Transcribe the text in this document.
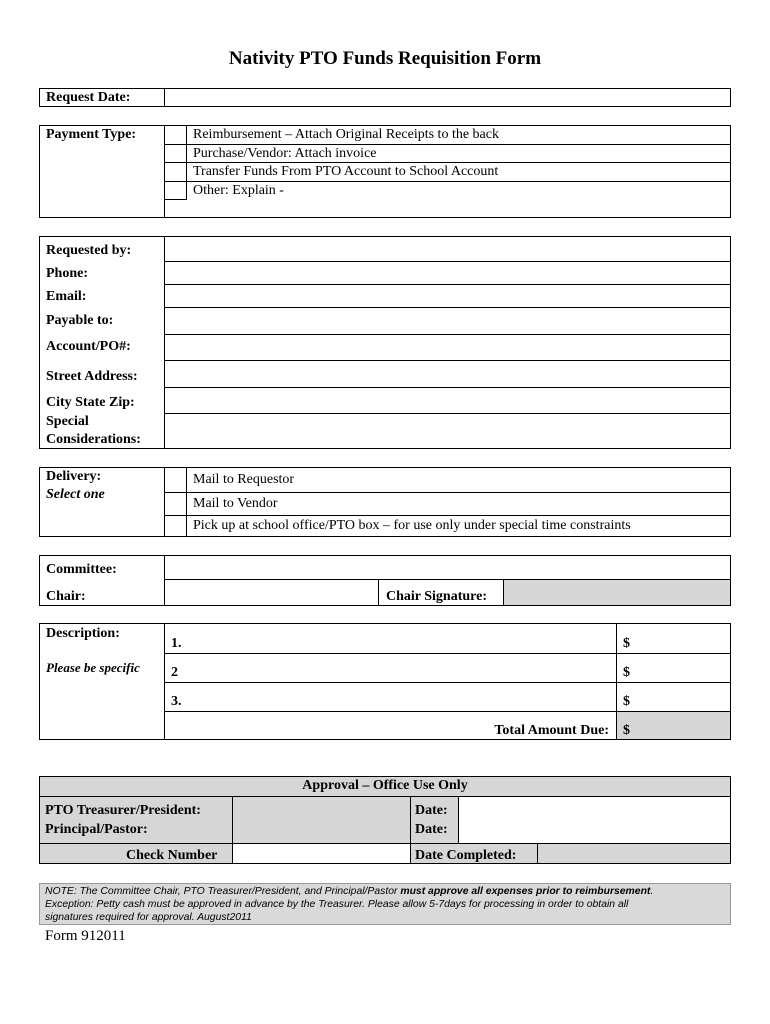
Nativity PTO Funds Requisition Form
Request Date:
Payment Type:	Reimbursement – Attach Original Receipts to the back
Purchase/Vendor: Attach invoice
Transfer Funds From PTO Account to School Account
Other: Explain -
Requested by:
Phone:
Email:
Payable to:
Account/PO#:
Street Address:
City State Zip:
Special
Considerations:
Delivery:
Select one
Mail to Requestor
Mail to Vendor
Pick up at school office/PTO box – for use only under special time constraints
Committee:
Chair:	Chair Signature:
Description:
Please be specific
1.
2
3.
$
$
$
$
Total Amount Due:
Approval – Office Use Only
PTO Treasurer/President:
Principal/Pastor:
Check Number
Date:
Date:
Date Completed:
NOTE: The Committee Chair, PTO Treasurer/President, and Principal/Pastor must approve all expenses prior to reimbursement.
Exception: Petty cash must be approved in advance by the Treasurer. Please allow 5-7days for processing in order to obtain all
signatures required for approval. August2011
Form 912011
